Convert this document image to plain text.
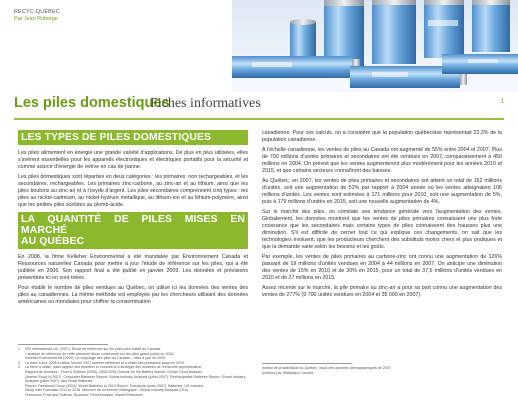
RECYC-QUÉBEC
Par Jean Roberge
Les piles domestiques
Fiches informatives	1
LES TYPES DE PILES DOMESTIQUES

Les piles alimentent en énergie une grande variété d'applications. De plus en plus utilisées, elles s'avèrent essentielles pour les appareils électroniques et électriques portatifs pour la sécurité et comme source d'énergie de relève en cas de panne.

Les piles domestiques sont réparties en deux catégories : les primaires, non rechargeables, et les secondaires, rechargeables. Les primaires zinc-carbone, au zinc-air et au lithium, ainsi que les piles boutons au zinc-air et à l'oxyde d'argent. Les piles secondaires comprennent cinq types : les piles au nickel-cadmium, au nickel-hydrure métallique, au lithium-ion et au lithium-polymère, ainsi que les petites piles scellées au plomb-acide.

LA QUANTITÉ DE PILES MISES EN MARCHÉ
AU QUÉBEC

En 2008, la firme Kelleher Environmental a été mandatée par Environnement Canada et Ressources naturelles Canada pour mettre à jour l'étude de référence sur les piles, qui a été publiée en 2006. Son rapport final a été publié en janvier 2009. Les données et prévisions présentées ici en sont tirées.

Pour établir le nombre de piles vendues au Québec, on utilise ici les données des ventes des piles au canadiennes. La même méthode est employée par les chercheurs utilisant des données américaines ou mondiales pour chiffrer la consommation

1	EBI International Ltd. (2007). Étude de référence sur les piles pour publié au Canada.
L'analyse de référence de cette première étude concernant sur les piles grand public en 2004.
Kelleher Environmental (2009). Le recyclage des piles au Canada – mise à jour de 2009.
2	La mise à jour 2008 a utilisé l'année 2007 comme référence et a établi des prévisions jusqu'en 2015.
3	La firme a utilisé, dans rapport des données et sources et a stratégie des modèles de recherche approximative:
Rapport de données : Frost & Sullivan (2006). 2005-2006 Outlook for the Battery Market. Global Trend Analysis
(Market Study N-2007). Consumer Batteries Report: Global Industry Analysts (juillet 2007). Rechargeable Batteries Report: Global Industry Analysts (juillet 2007), and Small Batteries
Report: Freedonia Group (2004). World Batteries to 2010 Report: Freedonia (mars 2007). Batteries. US Industry
Study with Forecasts 2011 to 2016. Mémoire de recherche stratégique : Global Industry Analysts (GIA).
Freedonia, Frost and Sullivan, Business Trend Analysts, Market Research.

canadienne. Pour ces calculs, on a considéré que la population québécoise représentait 23,3% de la population canadienne.

À l'échelle canadienne, les ventes de piles au Canada ont augmenté de 55% entre 2004 et 2007. Plus de 700 millions d'unités primaires et secondaires ont été vendues en 2007, comparativement à 450 millions en 2004. On prévoit que les ventes augmenteront plus modérément pour les années 2010 et 2015, et que certains secteurs connaîtront des baisses.

Au Québec, en 2007, les ventes de piles primaires et secondaires ont atteint un total de 162 millions d'unités, soit une augmentation de 52% par rapport à 2004 année où les ventes atteignaient 106 millions d'unités. Les ventes sont estimées à 171 millions pour 2010, soit une augmentation de 5%, puis à 179 millions d'unités en 2015, soit une nouvelle augmentation de 4%.

Sur le marché des piles, on constate une tendance générale vers l'augmentation des ventes. Globalement, les données montrent que les ventes de piles primaires connaissent une plus forte croissance que les secondaires mais certains types de piles connaissent des hausses plus une diminution. S'il est difficile de cerner tout ce qui explique ces changements, on sait que les technologies évoluent, que les producteurs cherchent des substituts moins chers et plus pratiques et que la demande varie selon les besoins et les goûts.

Par exemple, les ventes de piles primaires au carbone-zinc ont connu une augmentation de 126% passant de 19 millions d'unités vendues en 2004 à 44 millions en 2007. On anticipe une diminution des ventes de 15% en 2010 et de 30% en 2015, pour un total de 37,5 millions d'unités vendues en 2010 et de 27 millions en 2015.

Assez récente sur le marché, la pile primaire au zinc-air a pour sa part connu une augmentation des ventes de 277% (9 700 unités vendues en 2004 et 35 000 en 2007).

Institut de la statistique du Québec, issus des données démographiques de 2007
publiées par Statistique Canada.
